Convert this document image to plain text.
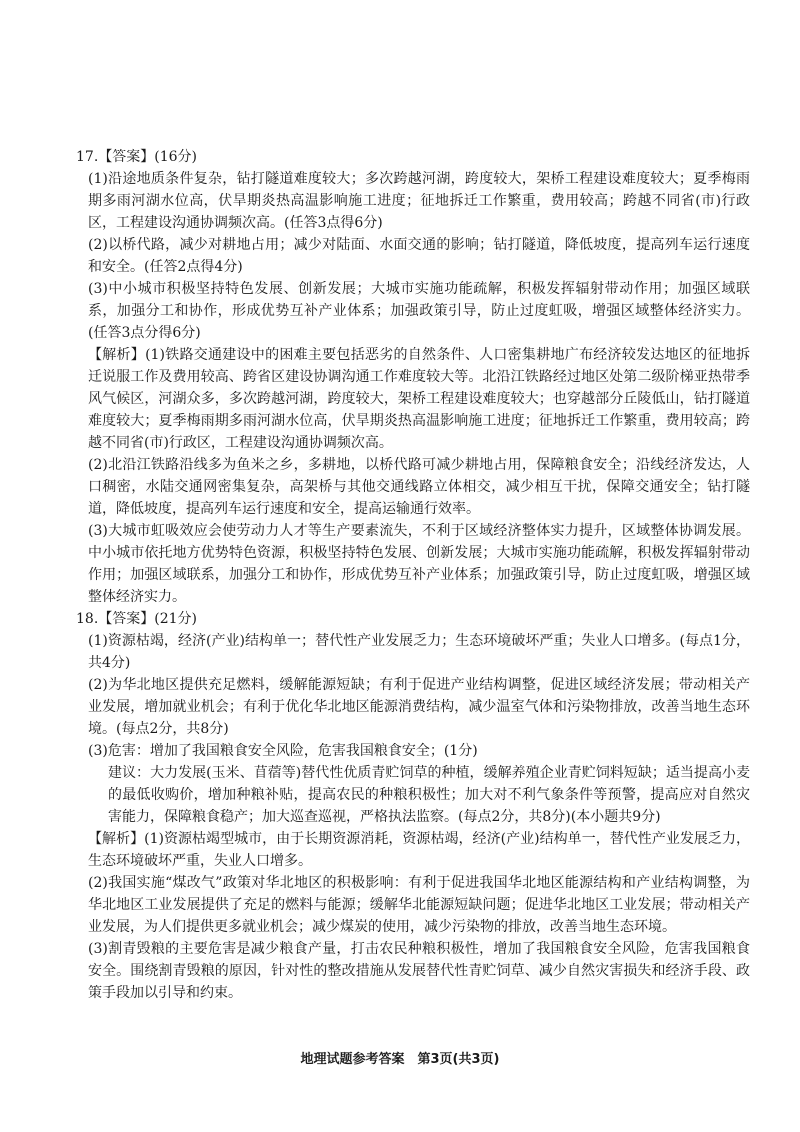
17.【答案】(16分)

(1)沿途地质条件复杂，钻打隧道难度较大；多次跨越河湖，跨度较大，架桥工程建设难度较大；夏季梅雨期多雨河湖水位高，伏旱期炎热高温影响施工进度；征地拆迁工作繁重，费用较高；跨越不同省(市)行政区，工程建设沟通协调频次高。(任答3点得6分)

(2)以桥代路，减少对耕地占用；减少对陆面、水面交通的影响；钻打隧道，降低坡度，提高列车运行速度和安全。(任答2点得4分)

(3)中小城市积极坚持特色发展、创新发展；大城市实施功能疏解，积极发挥辐射带动作用；加强区域联系，加强分工和协作，形成优势互补产业体系；加强政策引导，防止过度虹吸，增强区域整体经济实力。(任答3点分得6分)

【解析】(1)铁路交通建设中的困难主要包括恶劣的自然条件、人口密集耕地广布经济较发达地区的征地拆迁说服工作及费用较高、跨省区建设协调沟通工作难度较大等。北沿江铁路经过地区处第二级阶梯亚热带季风气候区，河湖众多，多次跨越河湖，跨度较大，架桥工程建设难度较大；也穿越部分丘陵低山，钻打隧道难度较大；夏季梅雨期多雨河湖水位高，伏旱期炎热高温影响施工进度；征地拆迁工作繁重，费用较高；跨越不同省(市)行政区，工程建设沟通协调频次高。

(2)北沿江铁路沿线多为鱼米之乡，多耕地，以桥代路可减少耕地占用，保障粮食安全；沿线经济发达，人口稠密，水陆交通网密集复杂，高架桥与其他交通线路立体相交，减少相互干扰，保障交通安全；钻打隧道，降低坡度，提高列车运行速度和安全，提高运输通行效率。

(3)大城市虹吸效应会使劳动力人才等生产要素流失，不利于区域经济整体实力提升，区域整体协调发展。中小城市依托地方优势特色资源，积极坚持特色发展、创新发展；大城市实施功能疏解，积极发挥辐射带动作用；加强区域联系，加强分工和协作，形成优势互补产业体系；加强政策引导，防止过度虹吸，增强区域整体经济实力。

18.【答案】(21分)

(1)资源枯竭，经济(产业)结构单一；替代性产业发展乏力；生态环境破坏严重；失业人口增多。(每点1分，共4分)

(2)为华北地区提供充足燃料，缓解能源短缺；有利于促进产业结构调整，促进区域经济发展；带动相关产业发展，增加就业机会；有利于优化华北地区能源消费结构，减少温室气体和污染物排放，改善当地生态环境。(每点2分，共8分)

(3)危害：增加了我国粮食安全风险，危害我国粮食安全；(1分)

建议：大力发展(玉米、苜蓿等)替代性优质青贮饲草的种植，缓解养殖企业青贮饲料短缺；适当提高小麦的最低收购价，增加种粮补贴，提高农民的种粮积极性；加大对不利气象条件等预警，提高应对自然灾害能力，保障粮食稳产；加大巡查巡视，严格执法监察。(每点2分，共8分)(本小题共9分)

【解析】(1)资源枯竭型城市，由于长期资源消耗，资源枯竭，经济(产业)结构单一，替代性产业发展乏力，生态环境破坏严重，失业人口增多。

(2)我国实施“煤改气”政策对华北地区的积极影响：有利于促进我国华北地区能源结构和产业结构调整，为华北地区工业发展提供了充足的燃料与能源；缓解华北能源短缺问题；促进华北地区工业发展；带动相关产业发展，为人们提供更多就业机会；减少煤炭的使用，减少污染物的排放，改善当地生态环境。

(3)割青毁粮的主要危害是减少粮食产量，打击农民种粮积极性，增加了我国粮食安全风险，危害我国粮食安全。围绕割青毁粮的原因，针对性的整改措施从发展替代性青贮饲草、减少自然灾害损失和经济手段、政策手段加以引导和约束。

地理试题参考答案　第3页(共3页)
